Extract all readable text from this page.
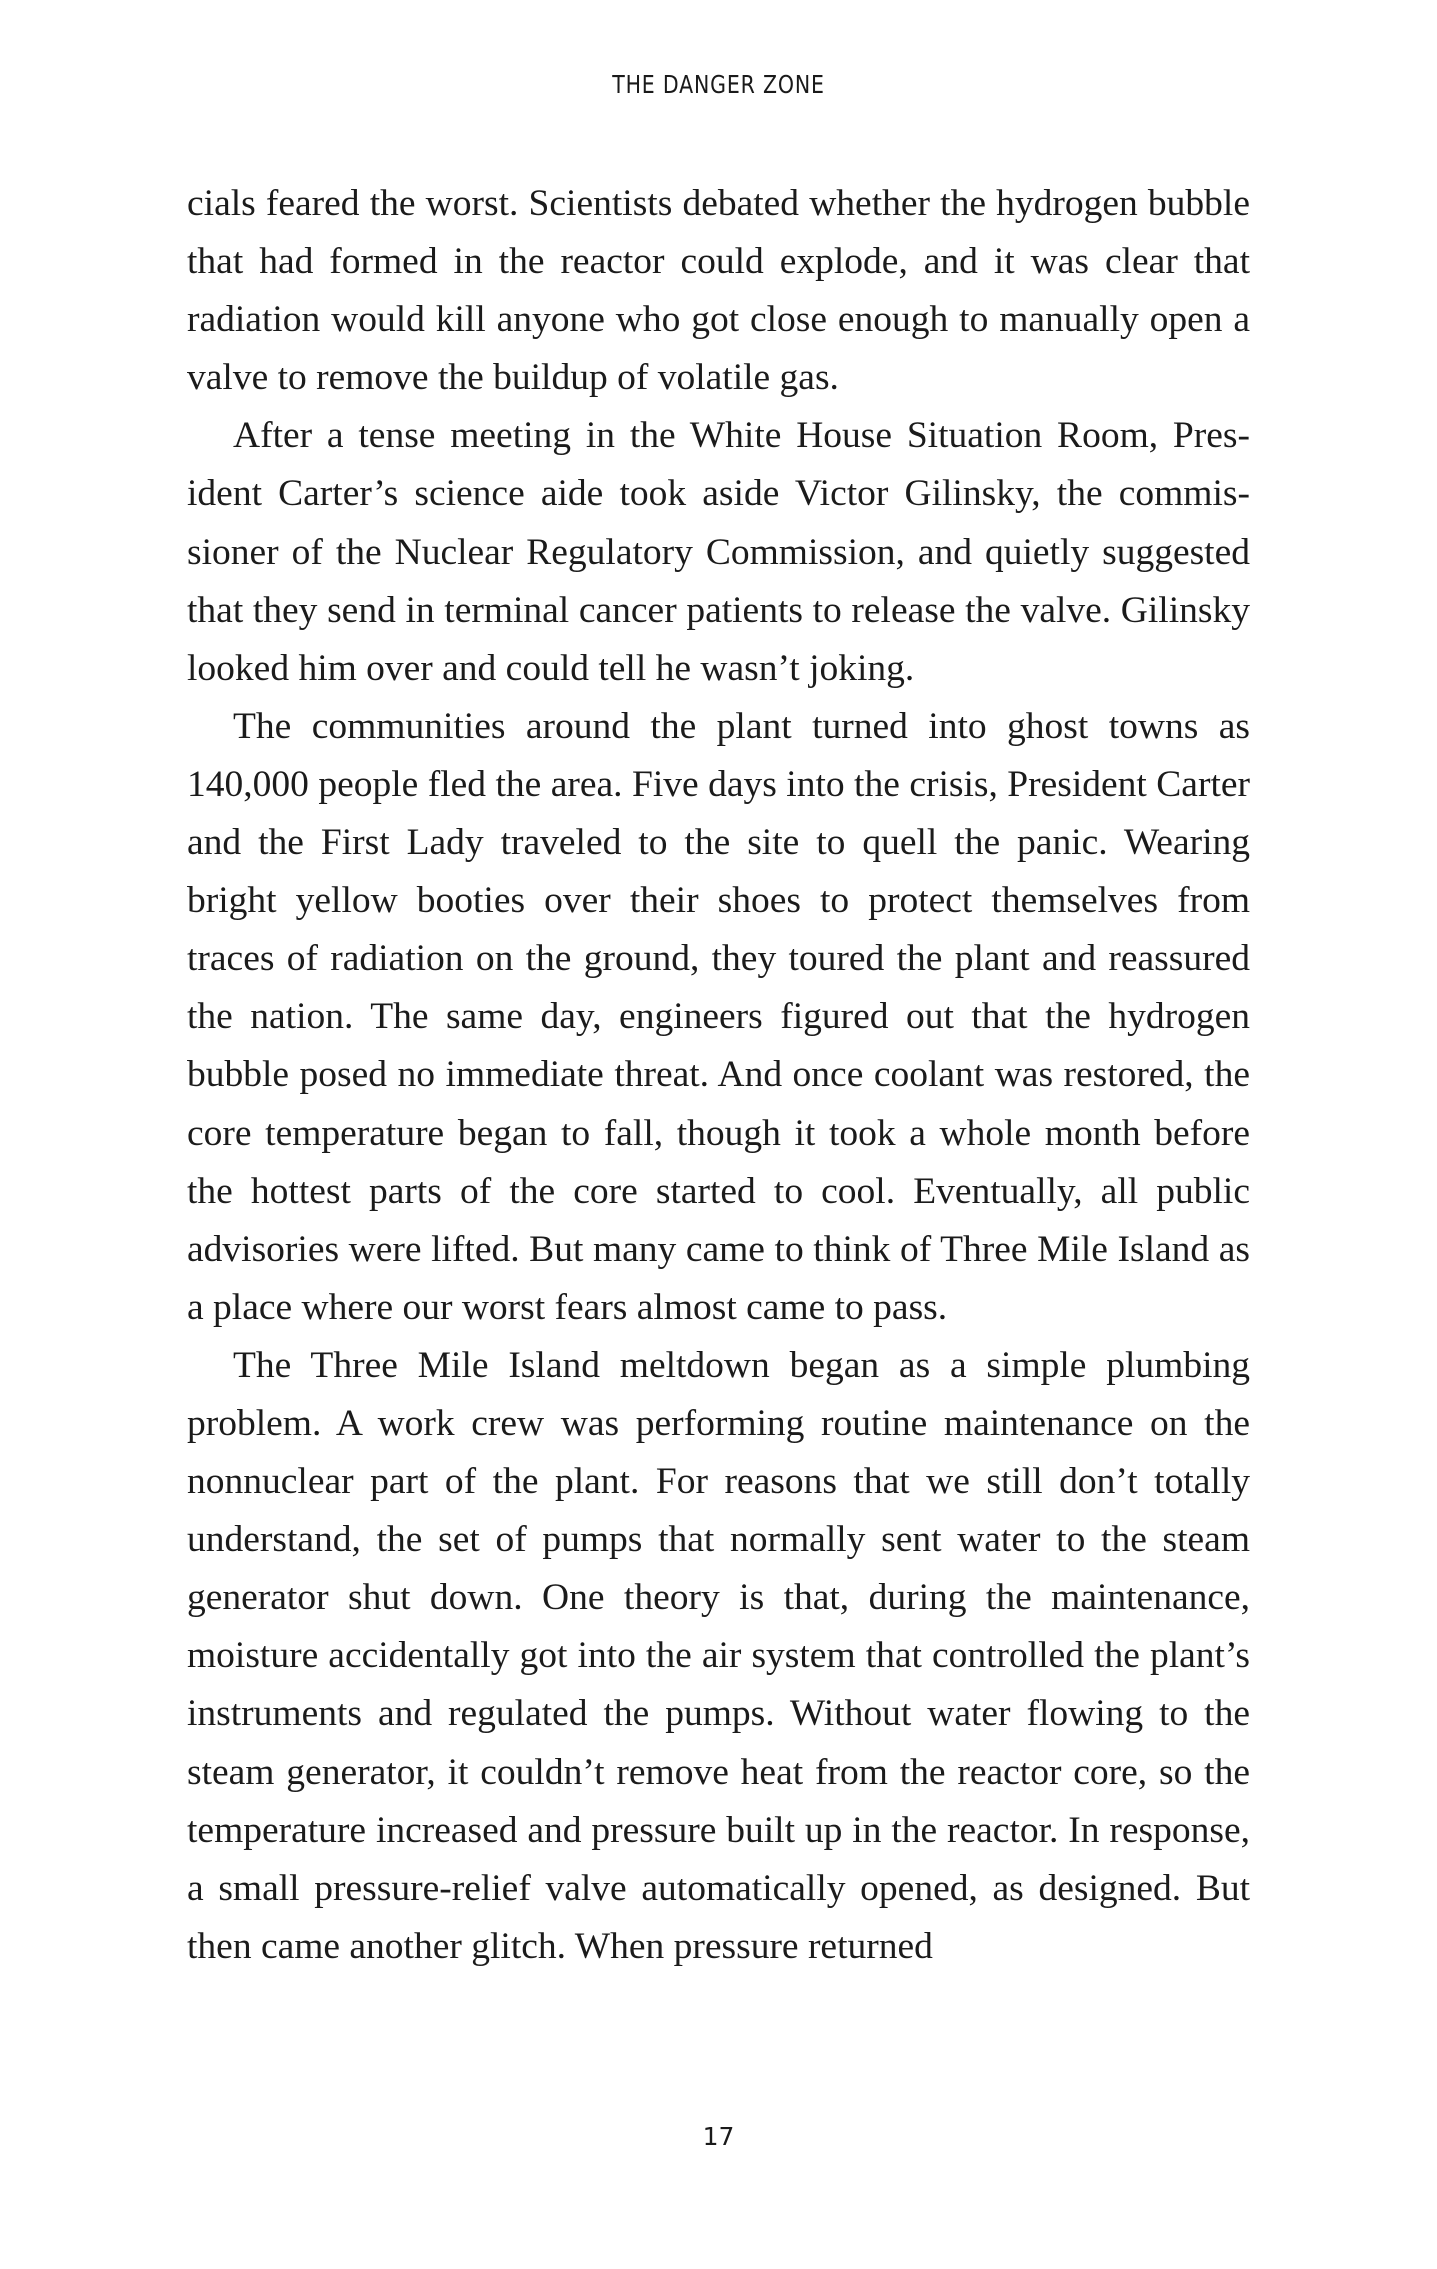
THE DANGER ZONE

cials feared the worst. Scientists debated whether the hydrogen bubble that had formed in the reactor could explode, and it was clear that radiation would kill anyone who got close enough to manually open a valve to remove the buildup of volatile gas.

After a tense meeting in the White House Situation Room, President Carter’s science aide took aside Victor Gilinsky, the commissioner of the Nuclear Regulatory Commission, and quietly suggested that they send in terminal cancer patients to release the valve. Gilinsky looked him over and could tell he wasn’t joking.

The communities around the plant turned into ghost towns as 140,000 people fled the area. Five days into the crisis, President Carter and the First Lady traveled to the site to quell the panic. Wearing bright yellow booties over their shoes to protect themselves from traces of radiation on the ground, they toured the plant and reassured the nation. The same day, engineers figured out that the hydrogen bubble posed no immediate threat. And once coolant was restored, the core temperature began to fall, though it took a whole month before the hottest parts of the core started to cool. Eventually, all public advisories were lifted. But many came to think of Three Mile Island as a place where our worst fears almost came to pass.

The Three Mile Island meltdown began as a simple plumbing problem. A work crew was performing routine maintenance on the nonnuclear part of the plant. For reasons that we still don’t totally understand, the set of pumps that normally sent water to the steam generator shut down. One theory is that, during the maintenance, moisture accidentally got into the air system that controlled the plant’s instruments and regulated the pumps. Without water flowing to the steam generator, it couldn’t remove heat from the reactor core, so the temperature increased and pressure built up in the reactor. In response, a small pressure-relief valve automatically opened, as designed. But then came another glitch. When pressure returned

17
